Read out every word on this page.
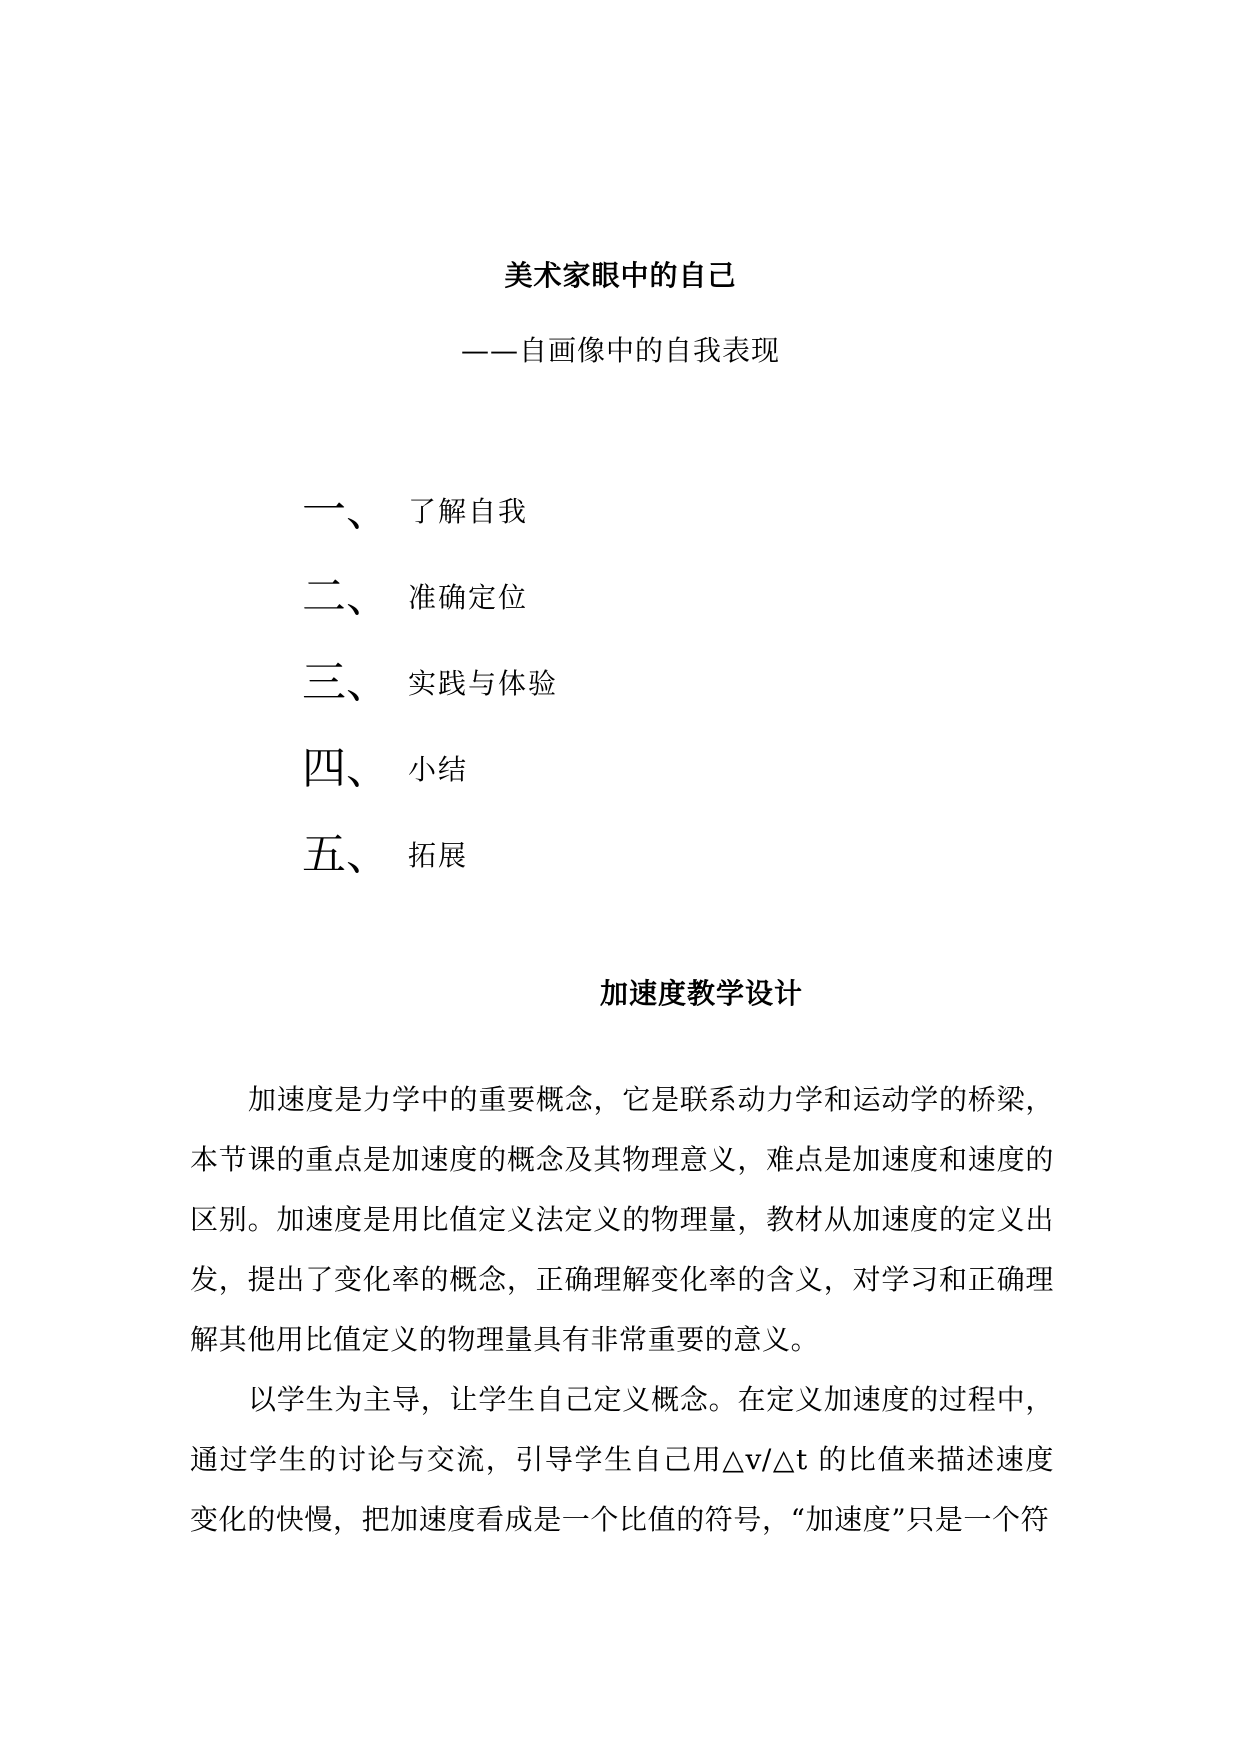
美术家眼中的自己
——自画像中的自我表现
一、 了解自我
二、 准确定位
三、 实践与体验
四、 小结
五、 拓展
加速度教学设计

加速度是力学中的重要概念，它是联系动力学和运动学的桥梁，本节课的重点是加速度的概念及其物理意义，难点是加速度和速度的区别。加速度是用比值定义法定义的物理量，教材从加速度的定义出发，提出了变化率的概念，正确理解变化率的含义，对学习和正确理解其他用比值定义的物理量具有非常重要的意义。

以学生为主导，让学生自己定义概念。在定义加速度的过程中，通过学生的讨论与交流，引导学生自己用△v/△t 的比值来描述速度变化的快慢，把加速度看成是一个比值的符号，“加速度”只是一个符
